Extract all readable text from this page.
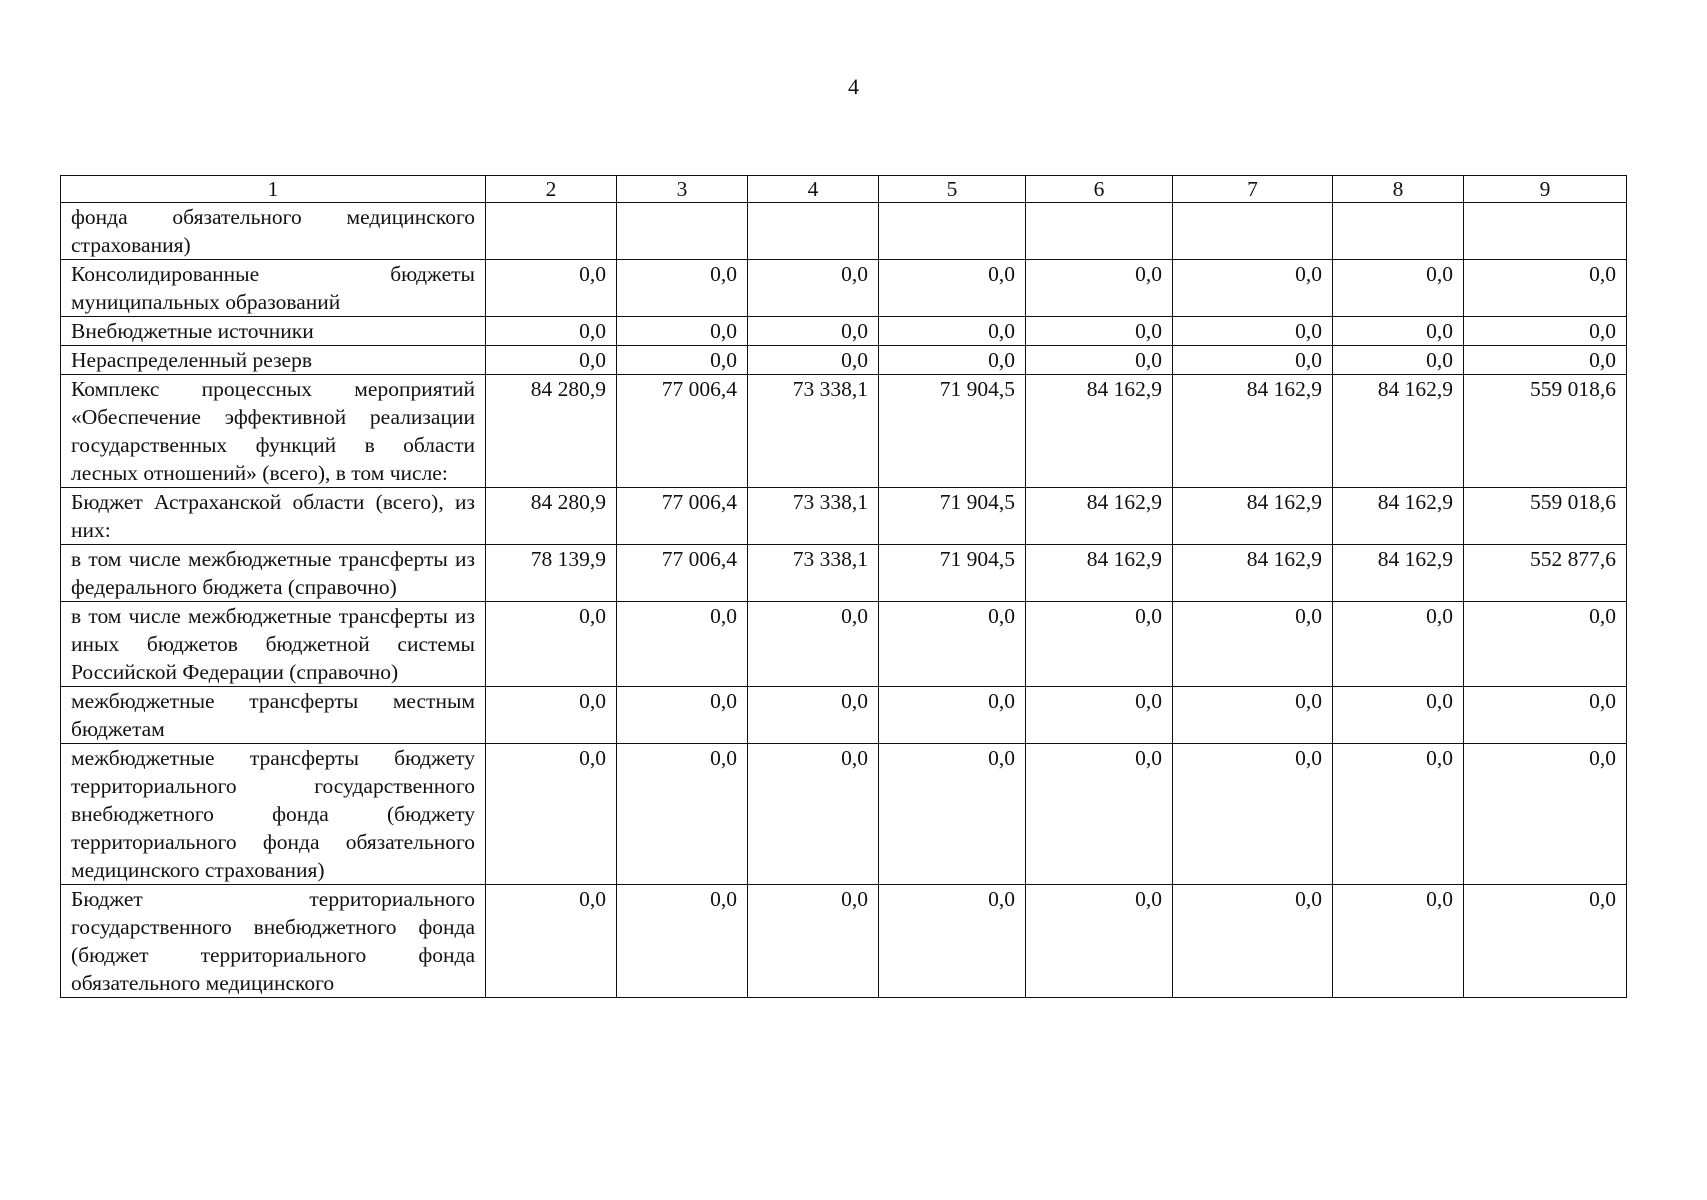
4
1	2	3	4	5	6	7	8	9
фонда обязательного медицинского страхования)								
Консолидированные бюджеты муниципальных образований	0,0	0,0	0,0	0,0	0,0	0,0	0,0	0,0
Внебюджетные источники	0,0	0,0	0,0	0,0	0,0	0,0	0,0	0,0
Нераспределенный резерв	0,0	0,0	0,0	0,0	0,0	0,0	0,0	0,0
Комплекс процессных мероприятий «Обеспечение эффективной реализации государственных функций в области лесных отношений» (всего), в том числе:	84 280,9	77 006,4	73 338,1	71 904,5	84 162,9	84 162,9	84 162,9	559 018,6
Бюджет Астраханской области (всего), из них:	84 280,9	77 006,4	73 338,1	71 904,5	84 162,9	84 162,9	84 162,9	559 018,6
в том числе межбюджетные трансферты из федерального бюджета (справочно)	78 139,9	77 006,4	73 338,1	71 904,5	84 162,9	84 162,9	84 162,9	552 877,6
в том числе межбюджетные трансферты из иных бюджетов бюджетной системы Российской Федерации (справочно)	0,0	0,0	0,0	0,0	0,0	0,0	0,0	0,0
межбюджетные трансферты местным бюджетам	0,0	0,0	0,0	0,0	0,0	0,0	0,0	0,0
межбюджетные трансферты бюджету территориального государственного внебюджетного фонда (бюджету территориального фонда обязательного медицинского страхования)	0,0	0,0	0,0	0,0	0,0	0,0	0,0	0,0
Бюджет территориального государственного внебюджетного фонда (бюджет территориального фонда обязательного медицинского	0,0	0,0	0,0	0,0	0,0	0,0	0,0	0,0
